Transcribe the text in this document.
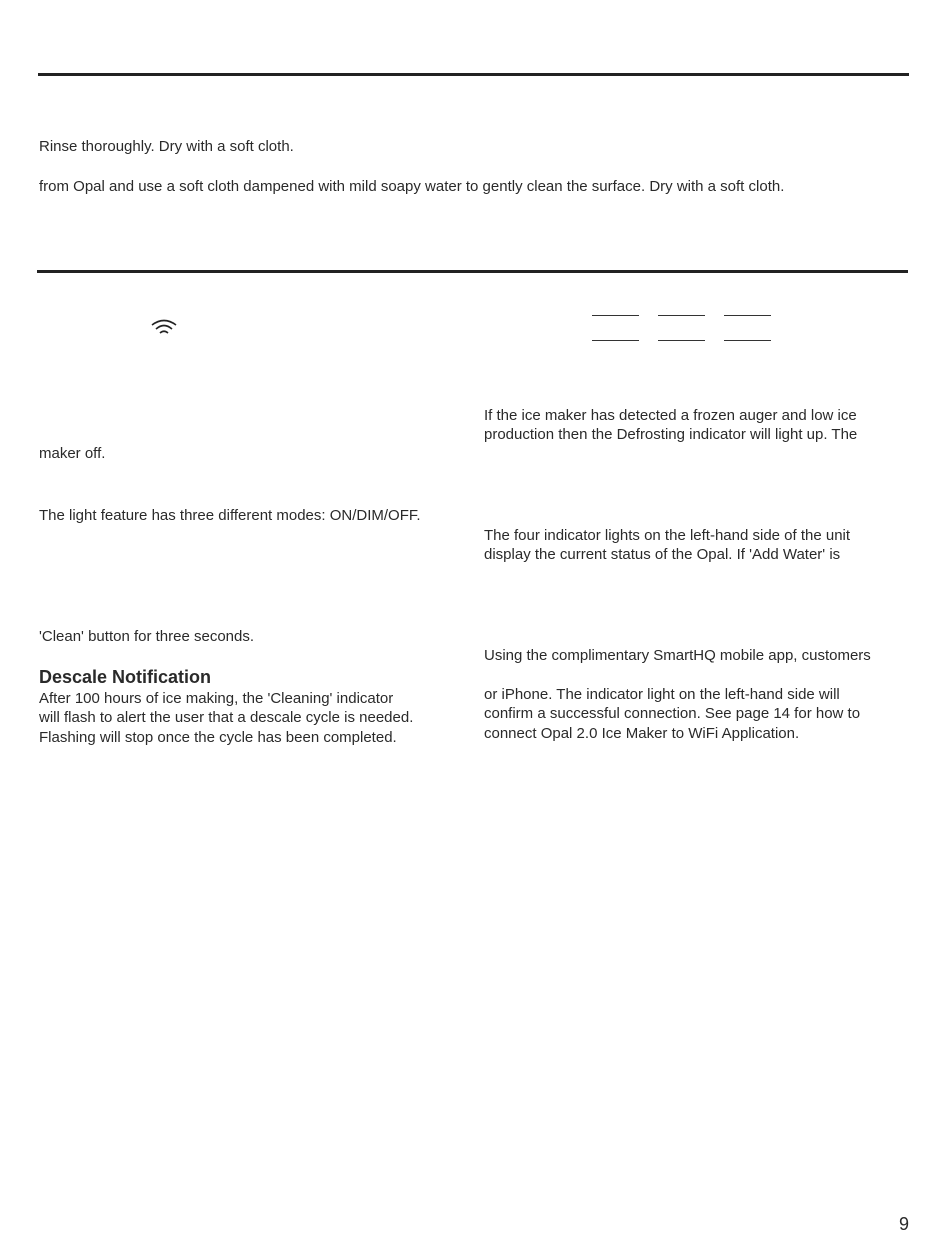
Rinse thoroughly. Dry with a soft cloth.
from Opal and use a soft cloth dampened with mild soapy water to gently clean the surface. Dry with a soft cloth.
If the ice maker has detected a frozen auger and low ice
production then the Defrosting indicator will light up. The
maker off.
The light feature has three different modes: ON/DIM/OFF.
The four indicator lights on the left-hand side of the unit
display the current status of the Opal. If 'Add Water' is
'Clean' button for three seconds.
Using the complimentary SmartHQ mobile app, customers
Descale Notification
After 100 hours of ice making, the 'Cleaning' indicator
will flash to alert the user that a descale cycle is needed.
Flashing will stop once the cycle has been completed.
or iPhone. The indicator light on the left-hand side will
confirm a successful connection. See page 14 for how to
connect Opal 2.0 Ice Maker to WiFi Application.
9
